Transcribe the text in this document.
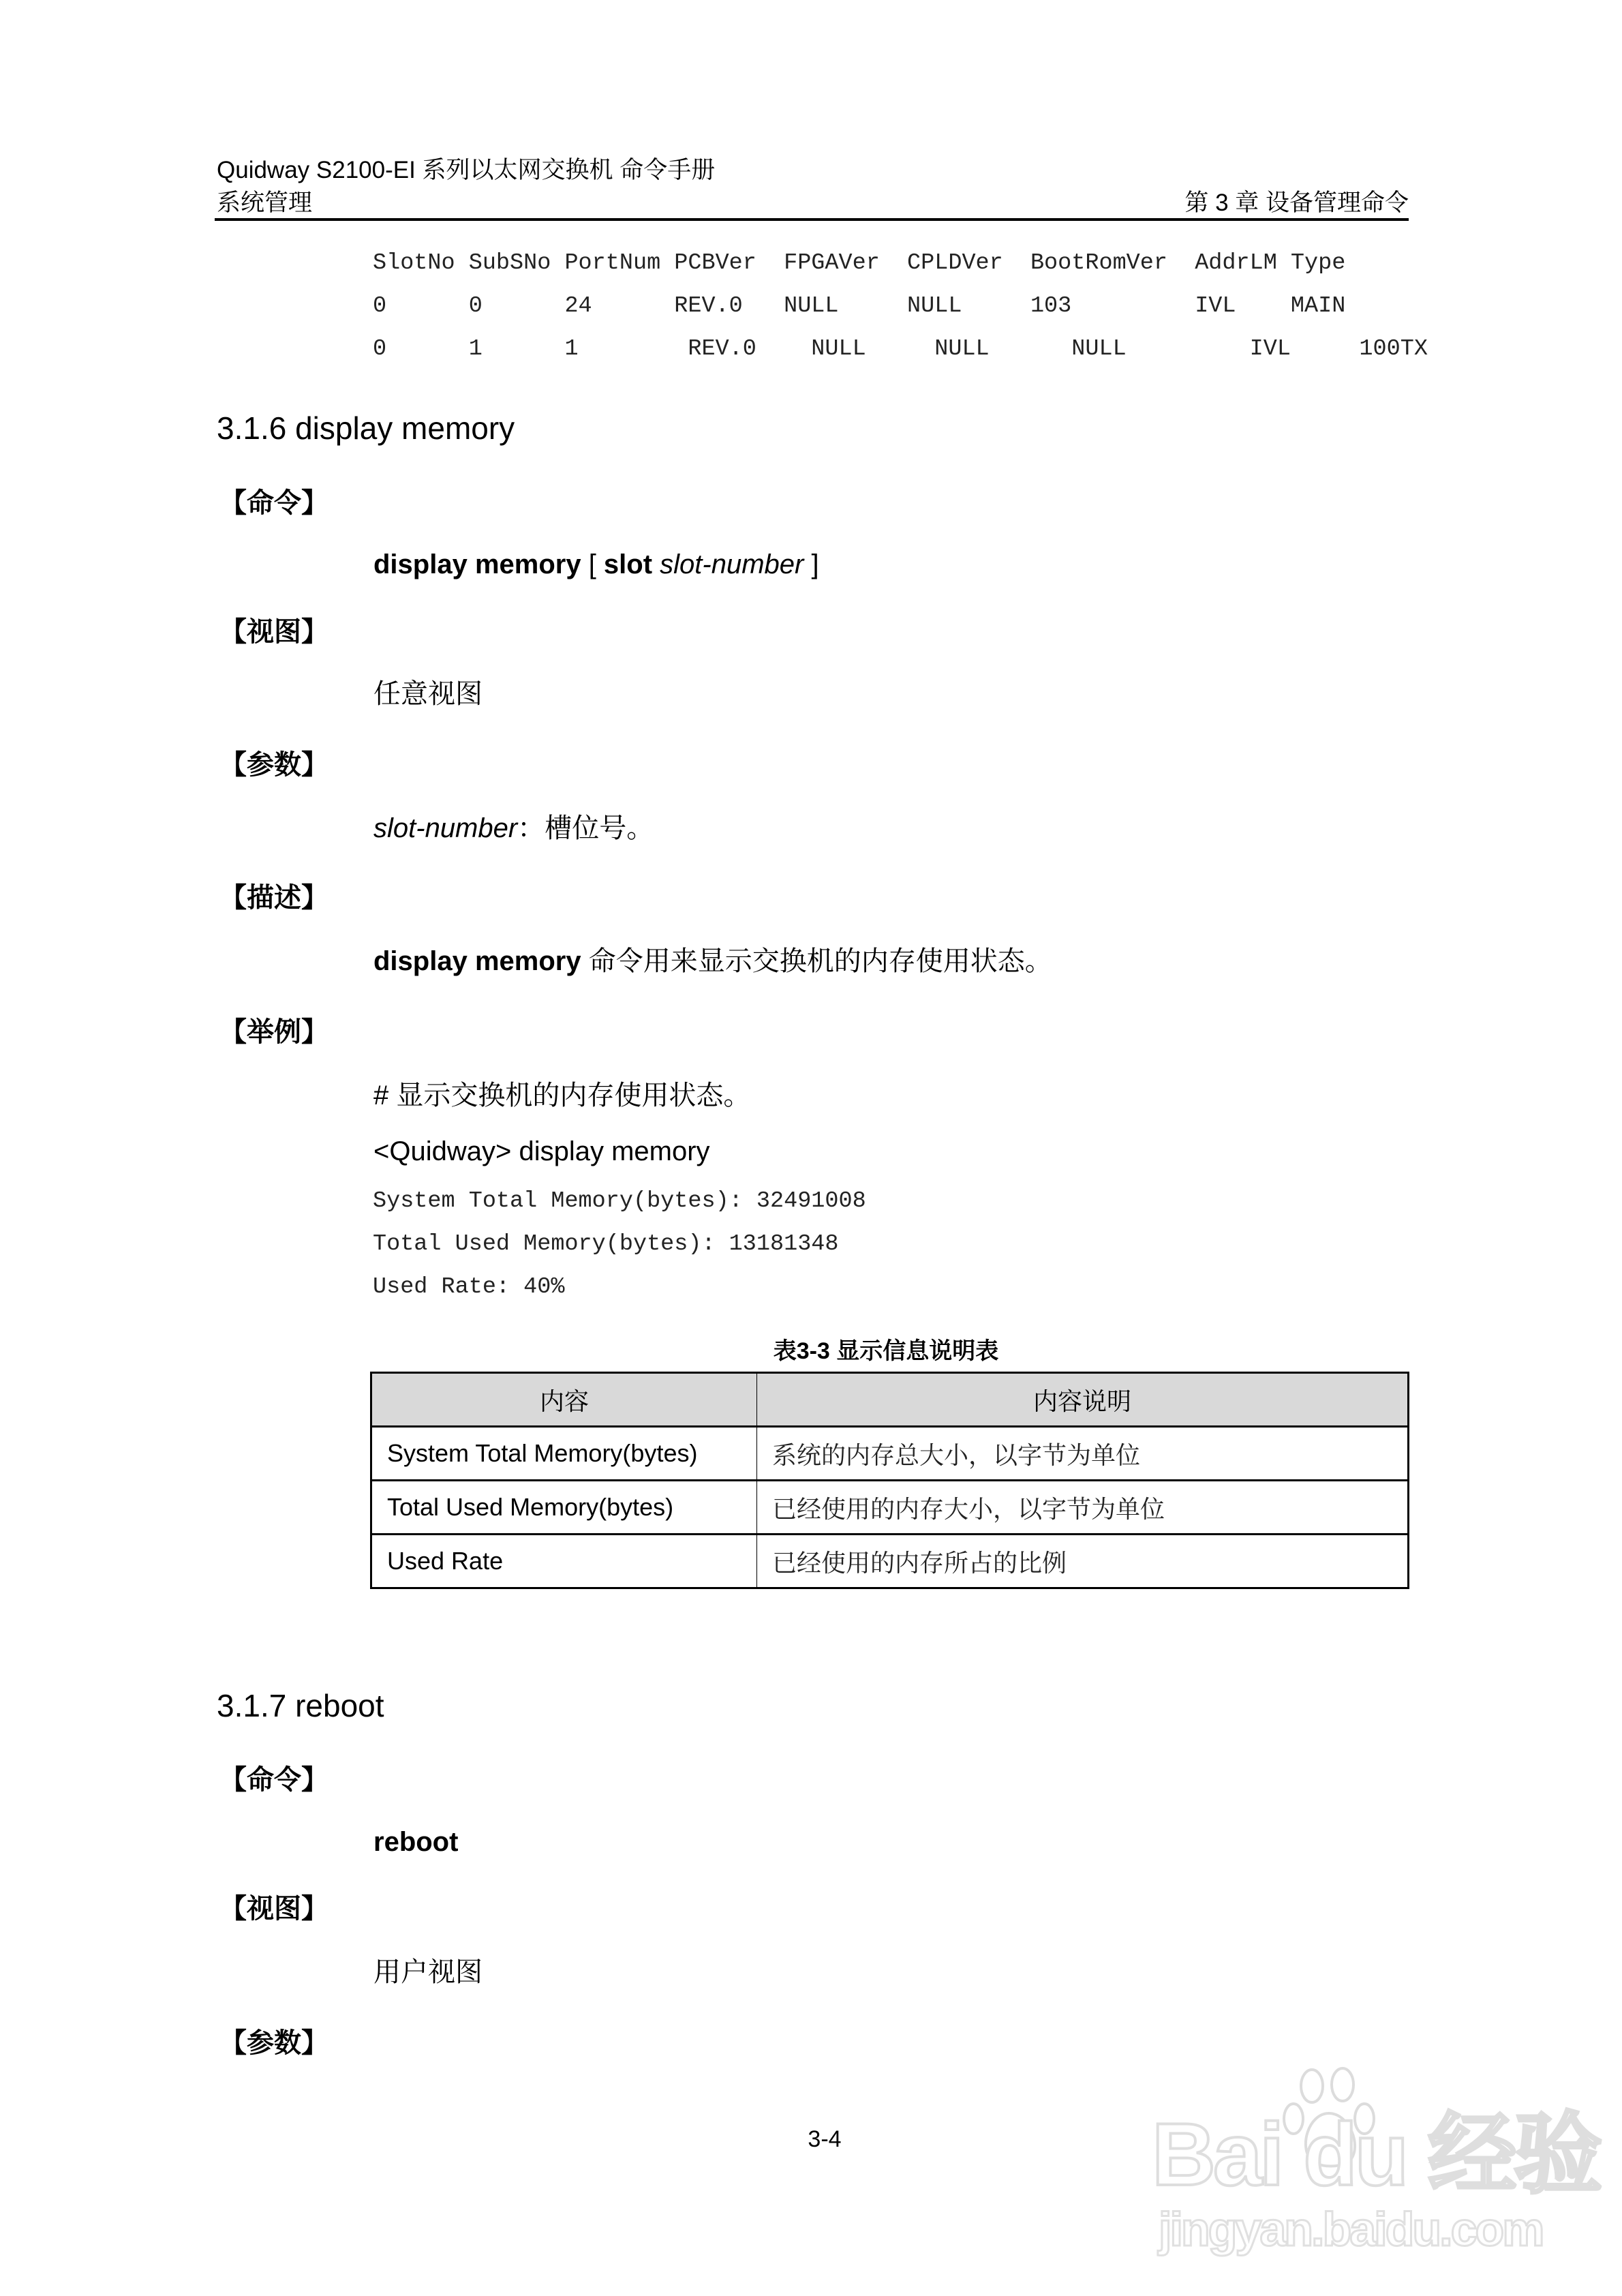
Quidway S2100-EI 系列以太网交换机 命令手册
系统管理	第 3 章 设备管理命令
SlotNo SubSNo PortNum PCBVer  FPGAVer  CPLDVer  BootRomVer  AddrLM Type
0      0      24      REV.0   NULL     NULL     103         IVL    MAIN
0      1      1        REV.0    NULL     NULL      NULL         IVL     100TX
3.1.6 display memory
【命令】
display memory [ slot slot-number ]
【视图】
任意视图
【参数】
slot-number：槽位号。
【描述】
display memory 命令用来显示交换机的内存使用状态。
【举例】
# 显示交换机的内存使用状态。
<Quidway> display memory
System Total Memory(bytes): 32491008
Total Used Memory(bytes): 13181348
Used Rate: 40%
表3-3 显示信息说明表
内容	内容说明
System Total Memory(bytes)	系统的内存总大小，以字节为单位
Total Used Memory(bytes)	已经使用的内存大小，以字节为单位
Used Rate	已经使用的内存所占的比例
3.1.7 reboot
【命令】
reboot
【视图】
用户视图
【参数】
3-4	Bai du 经验
jingyan.baidu.com
